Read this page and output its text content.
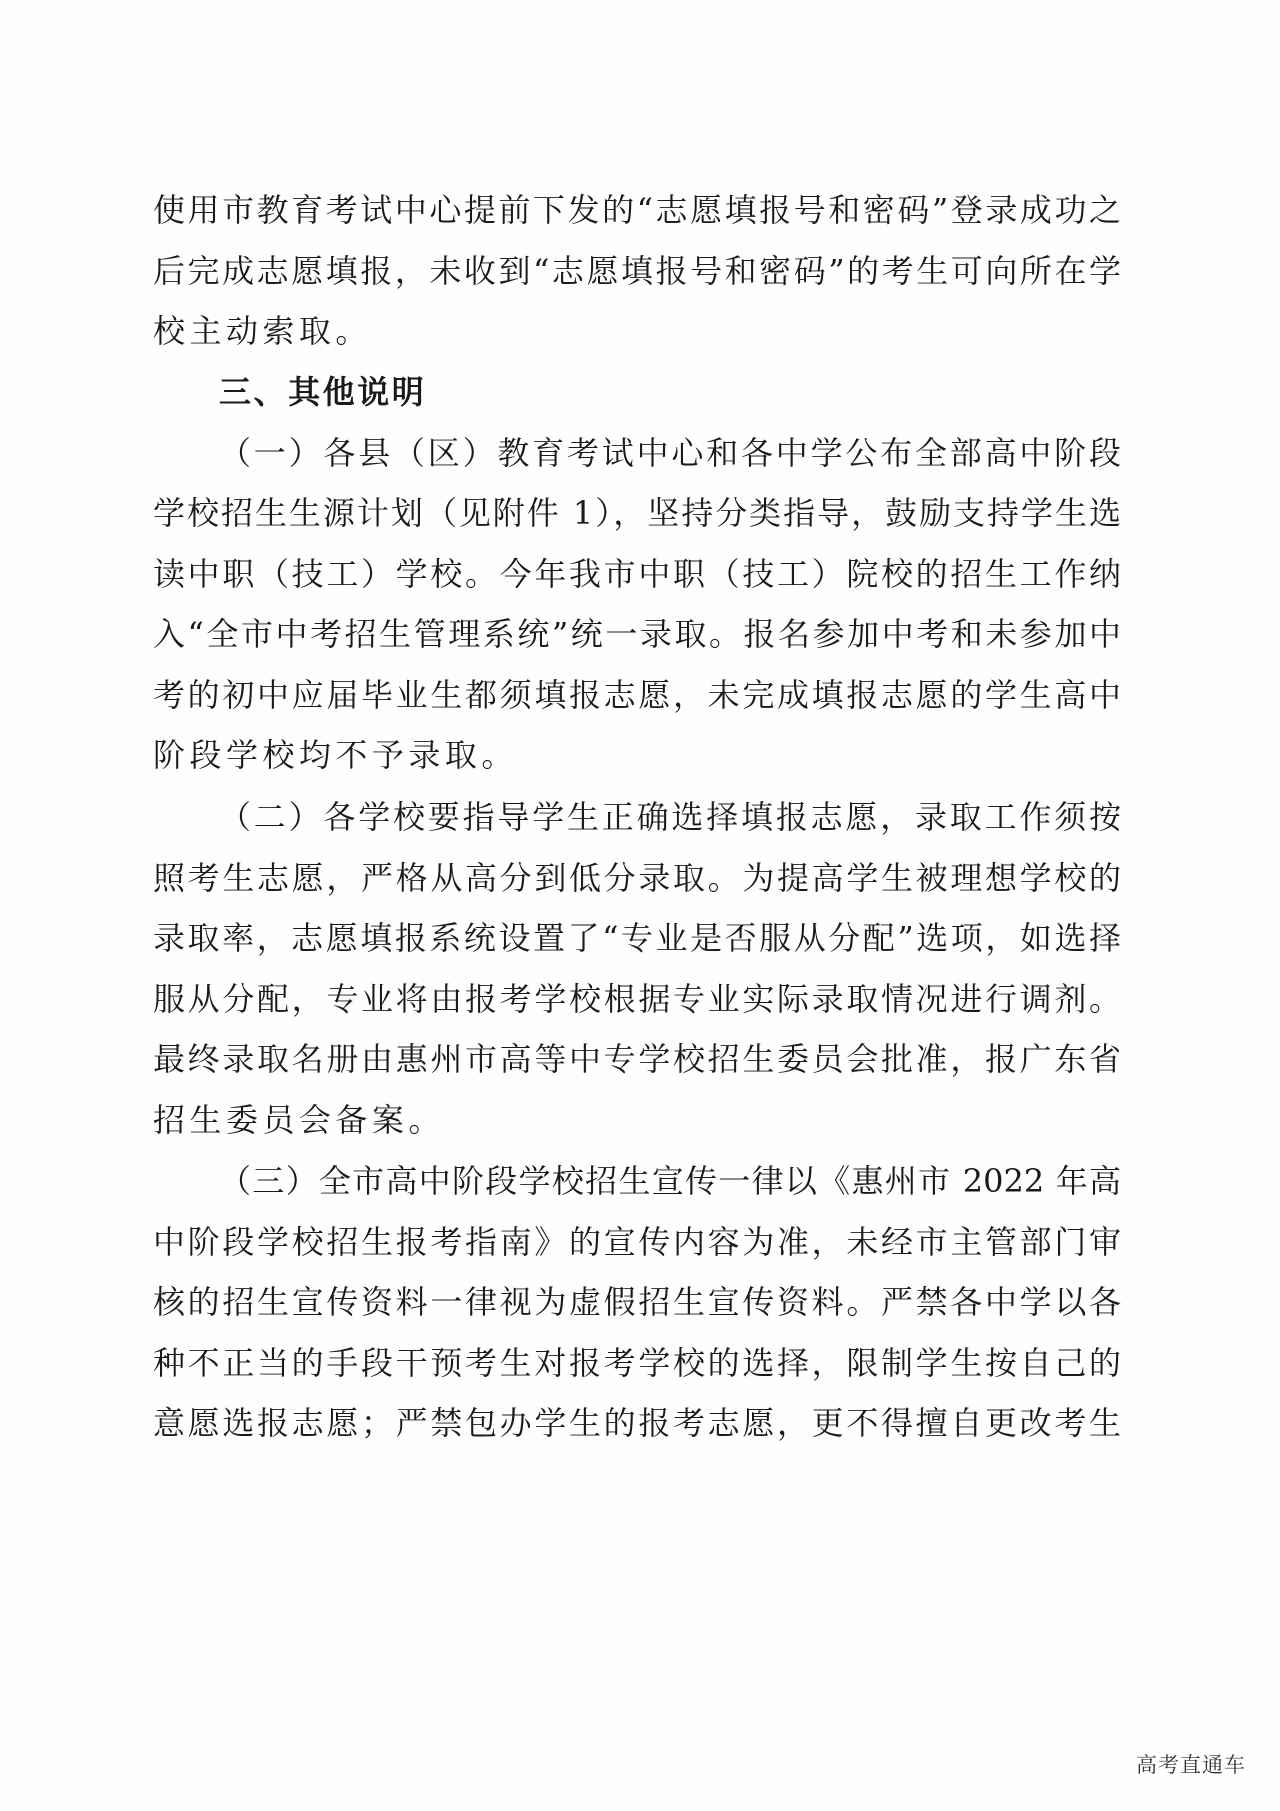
使用市教育考试中心提前下发的“志愿填报号和密码”登录成功之
后完成志愿填报，未收到“志愿填报号和密码”的考生可向所在学
校主动索取。
三、其他说明
（一）各县（区）教育考试中心和各中学公布全部高中阶段
学校招生生源计划（见附件 1），坚持分类指导，鼓励支持学生选
读中职（技工）学校。今年我市中职（技工）院校的招生工作纳
入“全市中考招生管理系统”统一录取。报名参加中考和未参加中
考的初中应届毕业生都须填报志愿，未完成填报志愿的学生高中
阶段学校均不予录取。
（二）各学校要指导学生正确选择填报志愿，录取工作须按
照考生志愿，严格从高分到低分录取。为提高学生被理想学校的
录取率，志愿填报系统设置了“专业是否服从分配”选项，如选择
服从分配，专业将由报考学校根据专业实际录取情况进行调剂。
最终录取名册由惠州市高等中专学校招生委员会批准，报广东省
招生委员会备案。
（三）全市高中阶段学校招生宣传一律以《惠州市 2022 年高
中阶段学校招生报考指南》的宣传内容为准，未经市主管部门审
核的招生宣传资料一律视为虚假招生宣传资料。严禁各中学以各
种不正当的手段干预考生对报考学校的选择，限制学生按自己的
意愿选报志愿；严禁包办学生的报考志愿，更不得擅自更改考生
高考直通车
